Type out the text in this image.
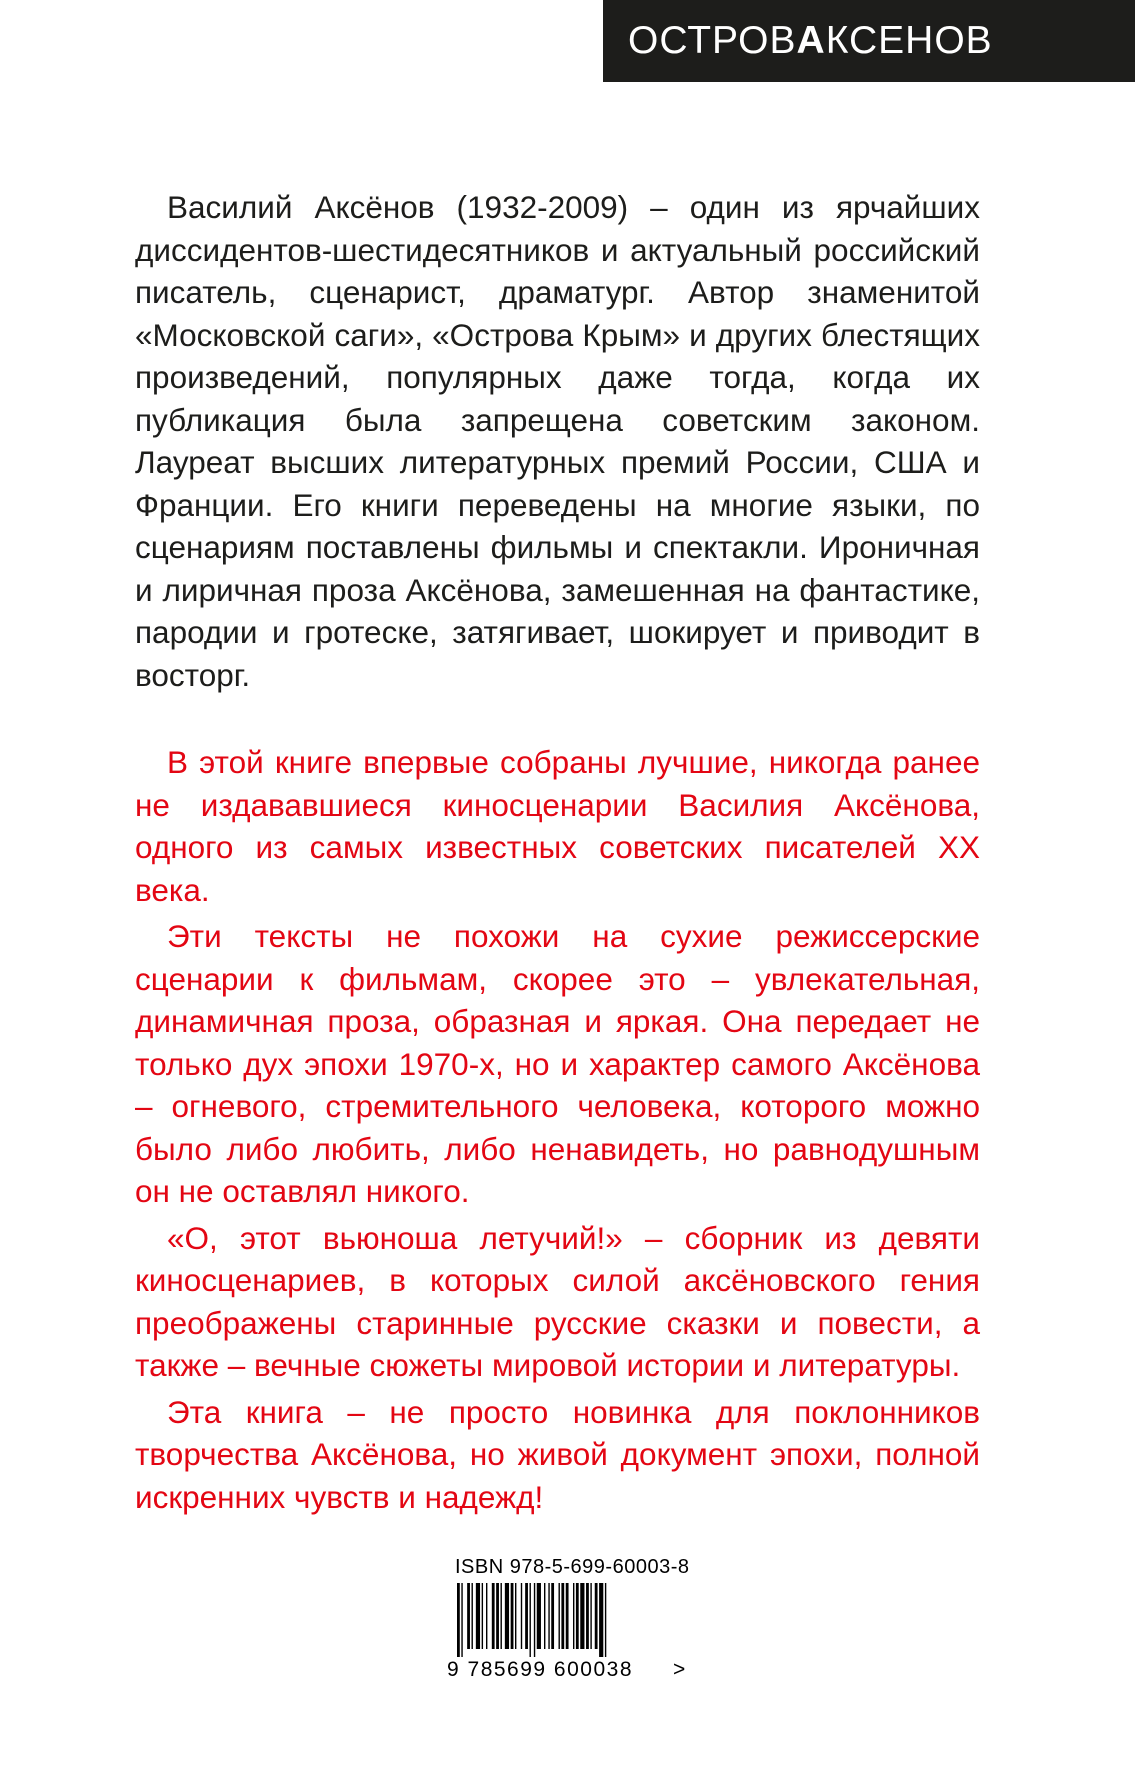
ОСТРОВАКСЕНОВ

Василий Аксёнов (1932-2009) – один из ярчайших диссидентов-шестидесятников и актуальный российский писатель, сценарист, драматург. Автор знаменитой «Московской саги», «Острова Крым» и других блестящих произведений, популярных даже тогда, когда их публикация была запрещена советским законом. Лауреат высших литературных премий России, США и Франции. Его книги переведены на многие языки, по сценариям поставлены фильмы и спектакли. Ироничная и лиричная проза Аксёнова, замешенная на фантастике, пародии и гротеске, затягивает, шокирует и приводит в восторг.

В этой книге впервые собраны лучшие, никогда ранее не издававшиеся киносценарии Василия Аксёнова, одного из самых известных советских писателей XX века.

Эти тексты не похожи на сухие режиссерские сценарии к фильмам, скорее это – увлекательная, динамичная проза, образная и яркая. Она передает не только дух эпохи 1970-х, но и характер самого Аксёнова – огневого, стремительного человека, которого можно было либо любить, либо ненавидеть, но равнодушным он не оставлял никого.

«О, этот вьюноша летучий!» – сборник из девяти киносценариев, в которых силой аксёновского гения преображены старинные русские сказки и повести, а также – вечные сюжеты мировой истории и литературы.

Эта книга – не просто новинка для поклонников творчества Аксёнова, но живой документ эпохи, полной искренних чувств и надежд!

ISBN 978-5-699-60003-8
9 785699 600038 >
